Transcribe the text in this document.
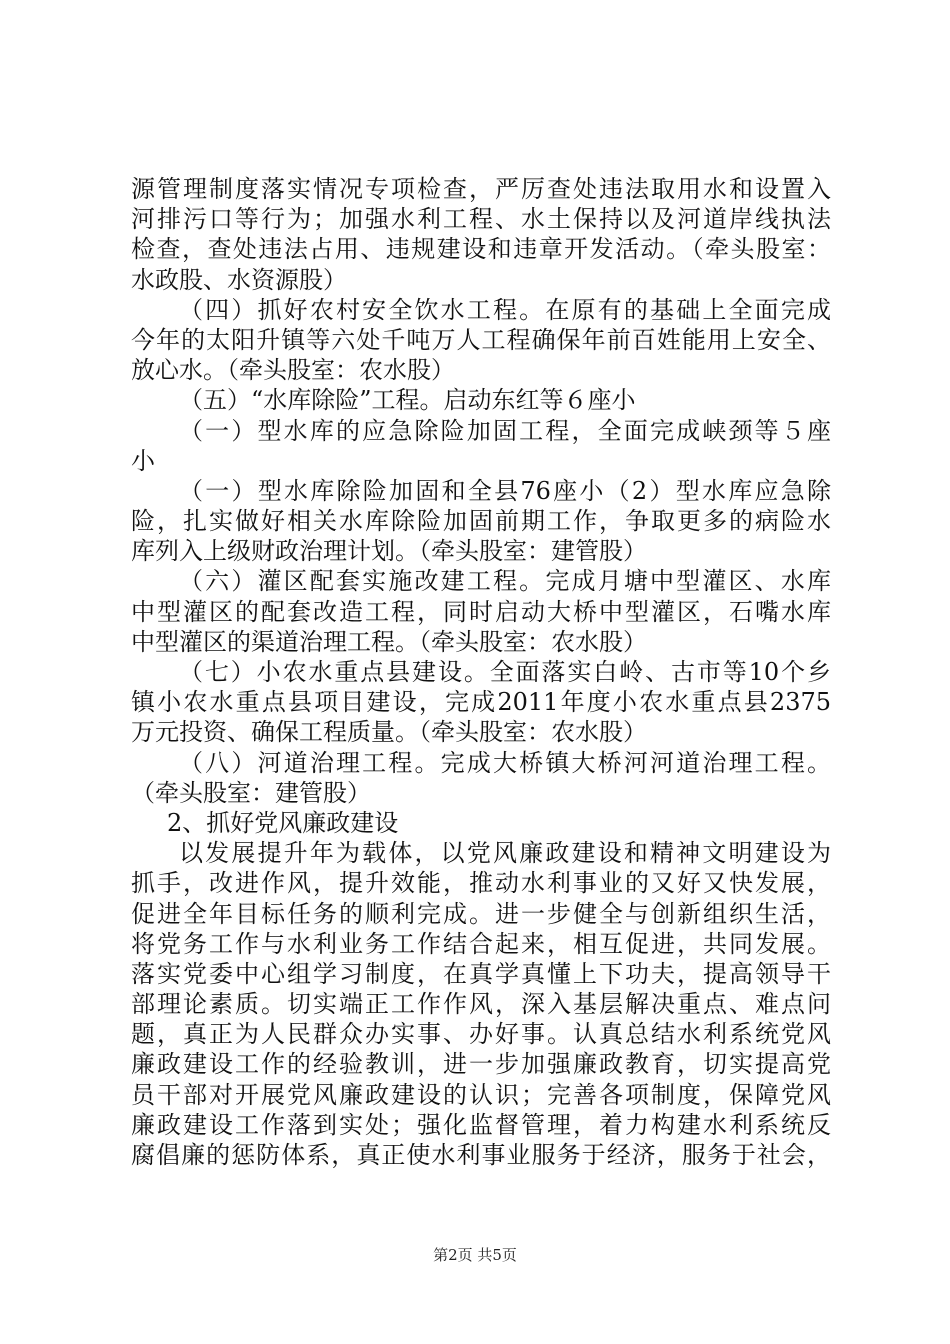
源管理制度落实情况专项检查，严厉查处违法取用水和设置入
河排污口等行为；加强水利工程、水土保持以及河道岸线执法
检查，查处违法占用、违规建设和违章开发活动。（牵头股室：
水政股、水资源股）
（四）抓好农村安全饮水工程。在原有的基础上全面完成
今年的太阳升镇等六处千吨万人工程确保年前百姓能用上安全、
放心水。（牵头股室：农水股）
（五）“水库除险”工程。启动东红等６座小
（一）型水库的应急除险加固工程，全面完成峡颈等５座
小
（一）型水库除险加固和全县76座小（2）型水库应急除
险，扎实做好相关水库除险加固前期工作，争取更多的病险水
库列入上级财政治理计划。（牵头股室：建管股）
（六）灌区配套实施改建工程。完成月塘中型灌区、水库
中型灌区的配套改造工程，同时启动大桥中型灌区，石嘴水库
中型灌区的渠道治理工程。（牵头股室：农水股）
（七）小农水重点县建设。全面落实白岭、古市等10个乡
镇小农水重点县项目建设，完成2011年度小农水重点县2375
万元投资、确保工程质量。（牵头股室：农水股）
（八）河道治理工程。完成大桥镇大桥河河道治理工程。
（牵头股室：建管股）
2、抓好党风廉政建设
以发展提升年为载体，以党风廉政建设和精神文明建设为
抓手，改进作风，提升效能，推动水利事业的又好又快发展，
促进全年目标任务的顺利完成。进一步健全与创新组织生活，
将党务工作与水利业务工作结合起来，相互促进，共同发展。
落实党委中心组学习制度，在真学真懂上下功夫，提高领导干
部理论素质。切实端正工作作风，深入基层解决重点、难点问
题，真正为人民群众办实事、办好事。认真总结水利系统党风
廉政建设工作的经验教训，进一步加强廉政教育，切实提高党
员干部对开展党风廉政建设的认识；完善各项制度，保障党风
廉政建设工作落到实处；强化监督管理，着力构建水利系统反
腐倡廉的惩防体系，真正使水利事业服务于经济，服务于社会，
第2页 共5页
